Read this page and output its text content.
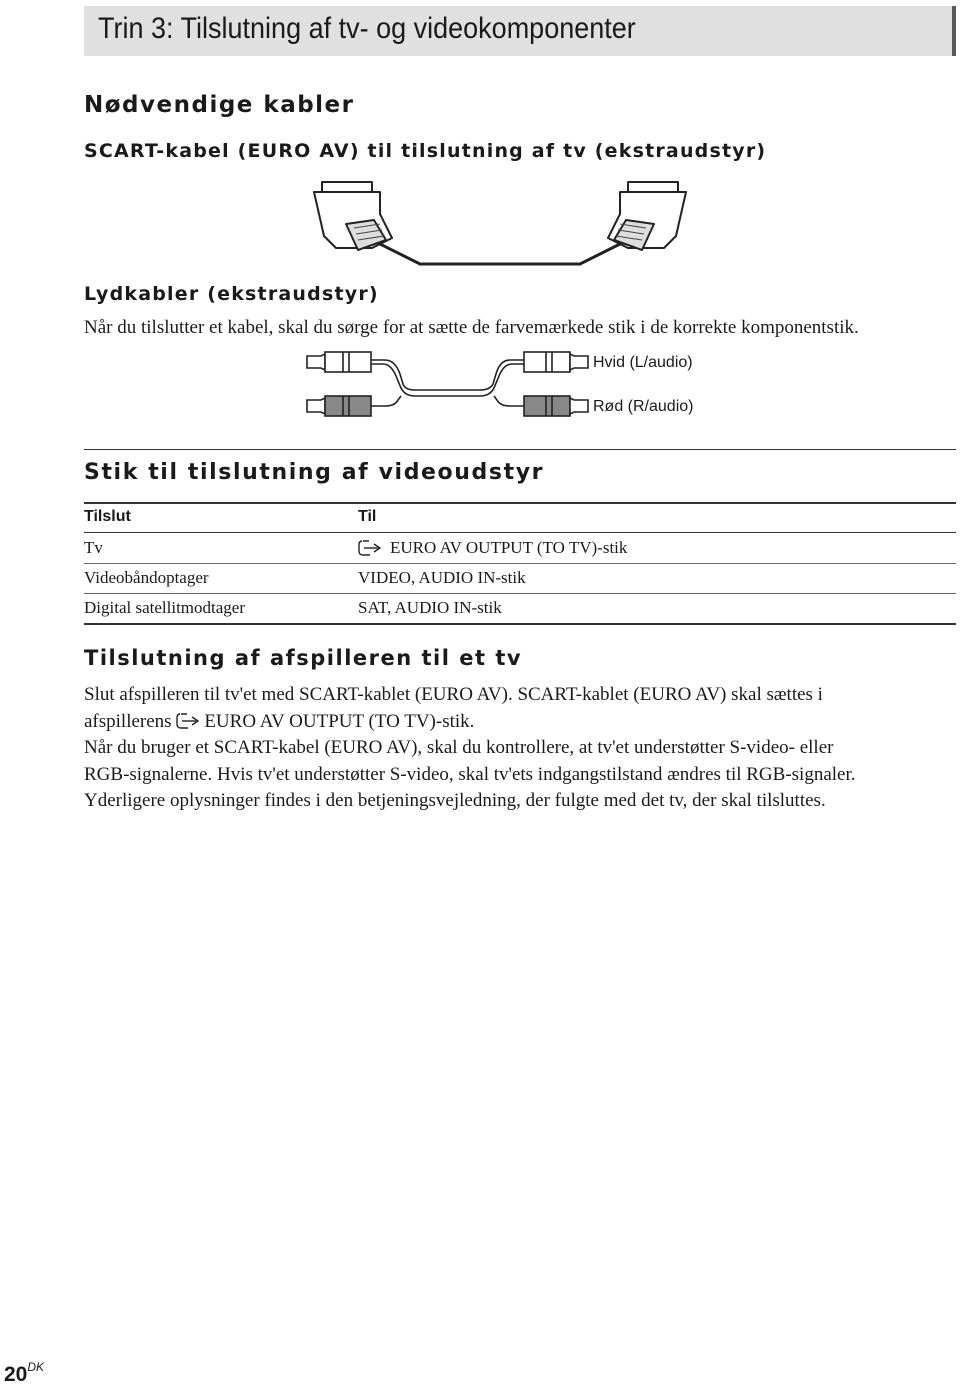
Trin 3: Tilslutning af tv- og videokomponenter
Nødvendige kabler
SCART-kabel (EURO AV) til tilslutning af tv (ekstraudstyr)
Lydkabler (ekstraudstyr)
Når du tilslutter et kabel, skal du sørge for at sætte de farvemærkede stik i de korrekte komponentstik.
Hvid (L/audio)
Rød (R/audio)
Stik til tilslutning af videoudstyr
Tilslut	Til
Tv	EURO AV OUTPUT (TO TV)-stik
Videobåndoptager	VIDEO, AUDIO IN-stik
Digital satellitmodtager	SAT, AUDIO IN-stik
Tilslutning af afspilleren til et tv

Slut afspilleren til tv'et med SCART-kablet (EURO AV). SCART-kablet (EURO AV) skal sættes i

afspillerens EURO AV OUTPUT (TO TV)-stik.

Når du bruger et SCART-kabel (EURO AV), skal du kontrollere, at tv'et understøtter S-video- eller

RGB-signalerne. Hvis tv'et understøtter S-video, skal tv'ets indgangstilstand ændres til RGB-signaler.

Yderligere oplysninger findes i den betjeningsvejledning, der fulgte med det tv, der skal tilsluttes.

$20^{DK}$
